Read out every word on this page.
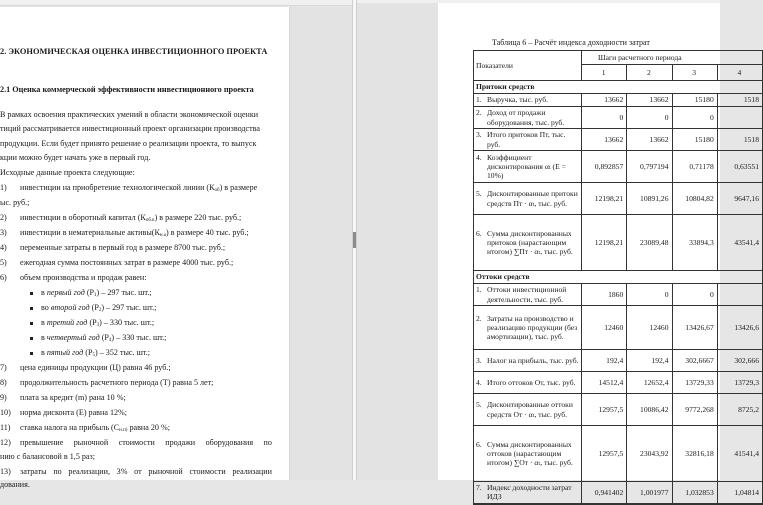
2. ЭКОНОМИЧЕСКАЯ ОЦЕНКА ИНВЕСТИЦИОННОГО ПРОЕКТА
2.1 Оценка коммерческой эффективности инвестиционного проекта
В рамках освоения практических умений в области экономической оценки
тиций рассматривается инвестиционный проект организации производства
продукции. Если будет принято решение о реализации проекта, то выпуск
кции можно будет начать уже в первый год.
Исходные данные проекта следующие:
1) инвестиции на приобретение технологической линии $(К_{об})$ в размере
ыс. руб.;
2) инвестиции в оборотный капитал $(К_{об.к})$ в размере 220 тыс. руб.;
3) инвестиции в нематериальные $активы(К_{н.а})$ в размере 40 тыс. руб.;
4) переменные затраты в первый год в размере 8700 тыс. руб.;
5) ежегодная сумма постоянных затрат в размере 4000 тыс. руб.;
6) объем производства и продаж равен:
в первый год $(P_1) - 297$ тыс. шт.;
во второй год $(P_2) - 297$ тыс. шт.;
в третий год $(P_3) - 330$ тыс. шт.;
в четвертый год $(P_4) - 330$ тыс. шт.;
в пятый год $(P_5) - 352$ тыс. шт.;
7) цена единицы продукции (Ц) равна 46 руб.;
8) продолжительность расчетного периода (Т) равна 5 лет;
9) плата за кредит (m) рана 10 %;
10) норма дисконта (Е) равна 12%;
11) ставка налога на прибыль ($С_{н.п)}$ равна 20 %;
12) превышение рыночной стоимости продажи оборудования по
нию с балансовой в 1,5 раз;
13) затраты по реализации, 3% от рыночной стоимости реализации
дования.
Таблица 6 – Расчёт индекса доходности затрат
Показатели	Шаги расчетного периода			
	1	2	3	4
Притоки средств				

1. Выручка, тыс. руб.	13662	13662	15180	1518

2. Доход от продажи оборудования, тыс. руб.	0	0	0	

3. Итого притоков Пт, тыс. руб.	13662	13662	15180	1518

4. Коэффициент дисконтирования αₜ (E = 10%)	0,892857	0,797194	0,71178	0,63551

5. Дисконтированные притоки средств Пт · αₜ, тыс. руб.	12198,21	10891,26	10804,82	9647,16

6. Сумма дисконтированных притоков (нарастающим итогом) ∑Пт · αₜ, тыс. руб.	12198,21	23089,48	33894,3	43541,4
Оттоки средств				

1. Оттоки инвестиционной деятельности, тыс. руб.	1860	0	0	

2. Затраты на производство и реализацию продукции (без амортизации), тыс. руб.	12460	12460	13426,67	13426,6

3. Налог на прибыль, тыс. руб.	192,4	192,4	302,6667	302,666

4. Итого оттоков От, тыс. руб.	14512,4	12652,4	13729,33	13729,3

5. Дисконтированные оттоки средств От · αₜ, тыс. руб.	12957,5	10086,42	9772,268	8725,2

6. Сумма дисконтированных оттоков (нарастающим итогом) ∑От · αₜ, тыс. руб.	12957,5	23043,92	32816,18	41541,4

7. Индекс доходности затрат ИДЗ	0,941402	1,001977	1,032853	1,04814
